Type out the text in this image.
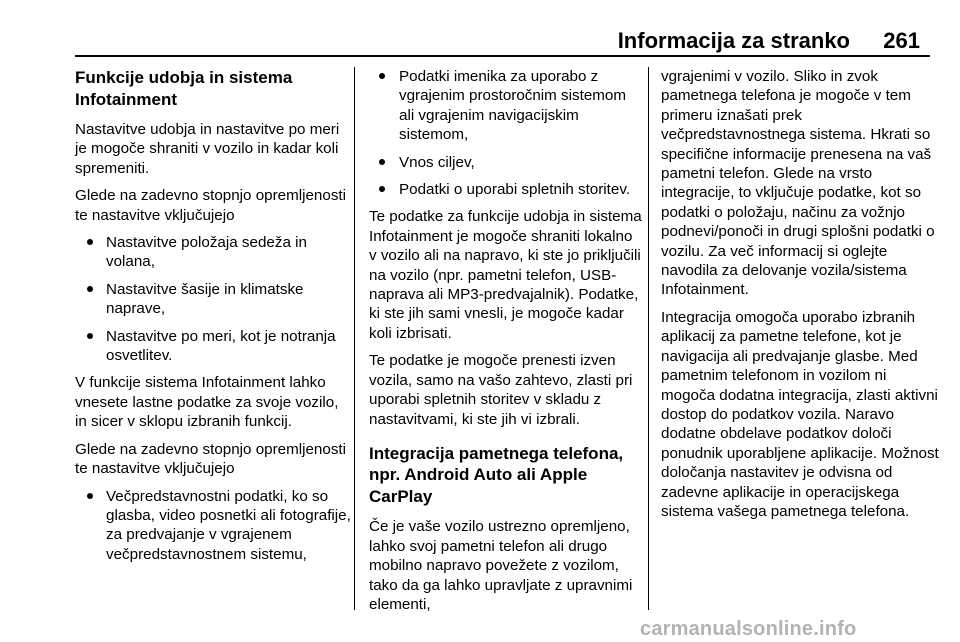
Informacija za stranko 261
Funkcije udobja in sistema Infotainment

Nastavitve udobja in nastavitve po meri je mogoče shraniti v vozilo in kadar koli spremeniti.

Glede na zadevno stopnjo opremljenosti te nastavitve vključujejo

Nastavitve položaja sedeža in volana,
Nastavitve šasije in klimatske naprave,
Nastavitve po meri, kot je notranja osvetlitev.

V funkcije sistema Infotainment lahko vnesete lastne podatke za svoje vozilo, in sicer v sklopu izbranih funkcij.

Glede na zadevno stopnjo opremljenosti te nastavitve vključujejo

Večpredstavnostni podatki, ko so glasba, video posnetki ali fotografije, za predvajanje v vgrajenem večpredstavnostnem sistemu,
Podatki imenika za uporabo z vgrajenim prostoročnim sistemom ali vgrajenim navigacijskim sistemom,
Vnos ciljev,
Podatki o uporabi spletnih storitev.

Te podatke za funkcije udobja in sistema Infotainment je mogoče shraniti lokalno v vozilo ali na napravo, ki ste jo priključili na vozilo (npr. pametni telefon, USB-naprava ali MP3-predvajalnik). Podatke, ki ste jih sami vnesli, je mogoče kadar koli izbrisati.

Te podatke je mogoče prenesti izven vozila, samo na vašo zahtevo, zlasti pri uporabi spletnih storitev v skladu z nastavitvami, ki ste jih vi izbrali.

Integracija pametnega telefona, npr. Android Auto ali Apple CarPlay

Če je vaše vozilo ustrezno opremljeno, lahko svoj pametni telefon ali drugo mobilno napravo povežete z vozilom, tako da ga lahko upravljate z upravnimi elementi,

vgrajenimi v vozilo. Sliko in zvok pametnega telefona je mogoče v tem primeru iznašati prek večpredstavnostnega sistema. Hkrati so specifične informacije prenesena na vaš pametni telefon. Glede na vrsto integracije, to vključuje podatke, kot so podatki o položaju, načinu za vožnjo podnevi/ponoči in drugi splošni podatki o vozilu. Za več informacij si oglejte navodila za delovanje vozila/sistema Infotainment.

Integracija omogoča uporabo izbranih aplikacij za pametne telefone, kot je navigacija ali predvajanje glasbe. Med pametnim telefonom in vozilom ni mogoča dodatna integracija, zlasti aktivni dostop do podatkov vozila. Naravo dodatne obdelave podatkov določi ponudnik uporabljene aplikacije. Možnost določanja nastavitev je odvisna od zadevne aplikacije in operacijskega sistema vašega pametnega telefona.

carmanualsonline.info
